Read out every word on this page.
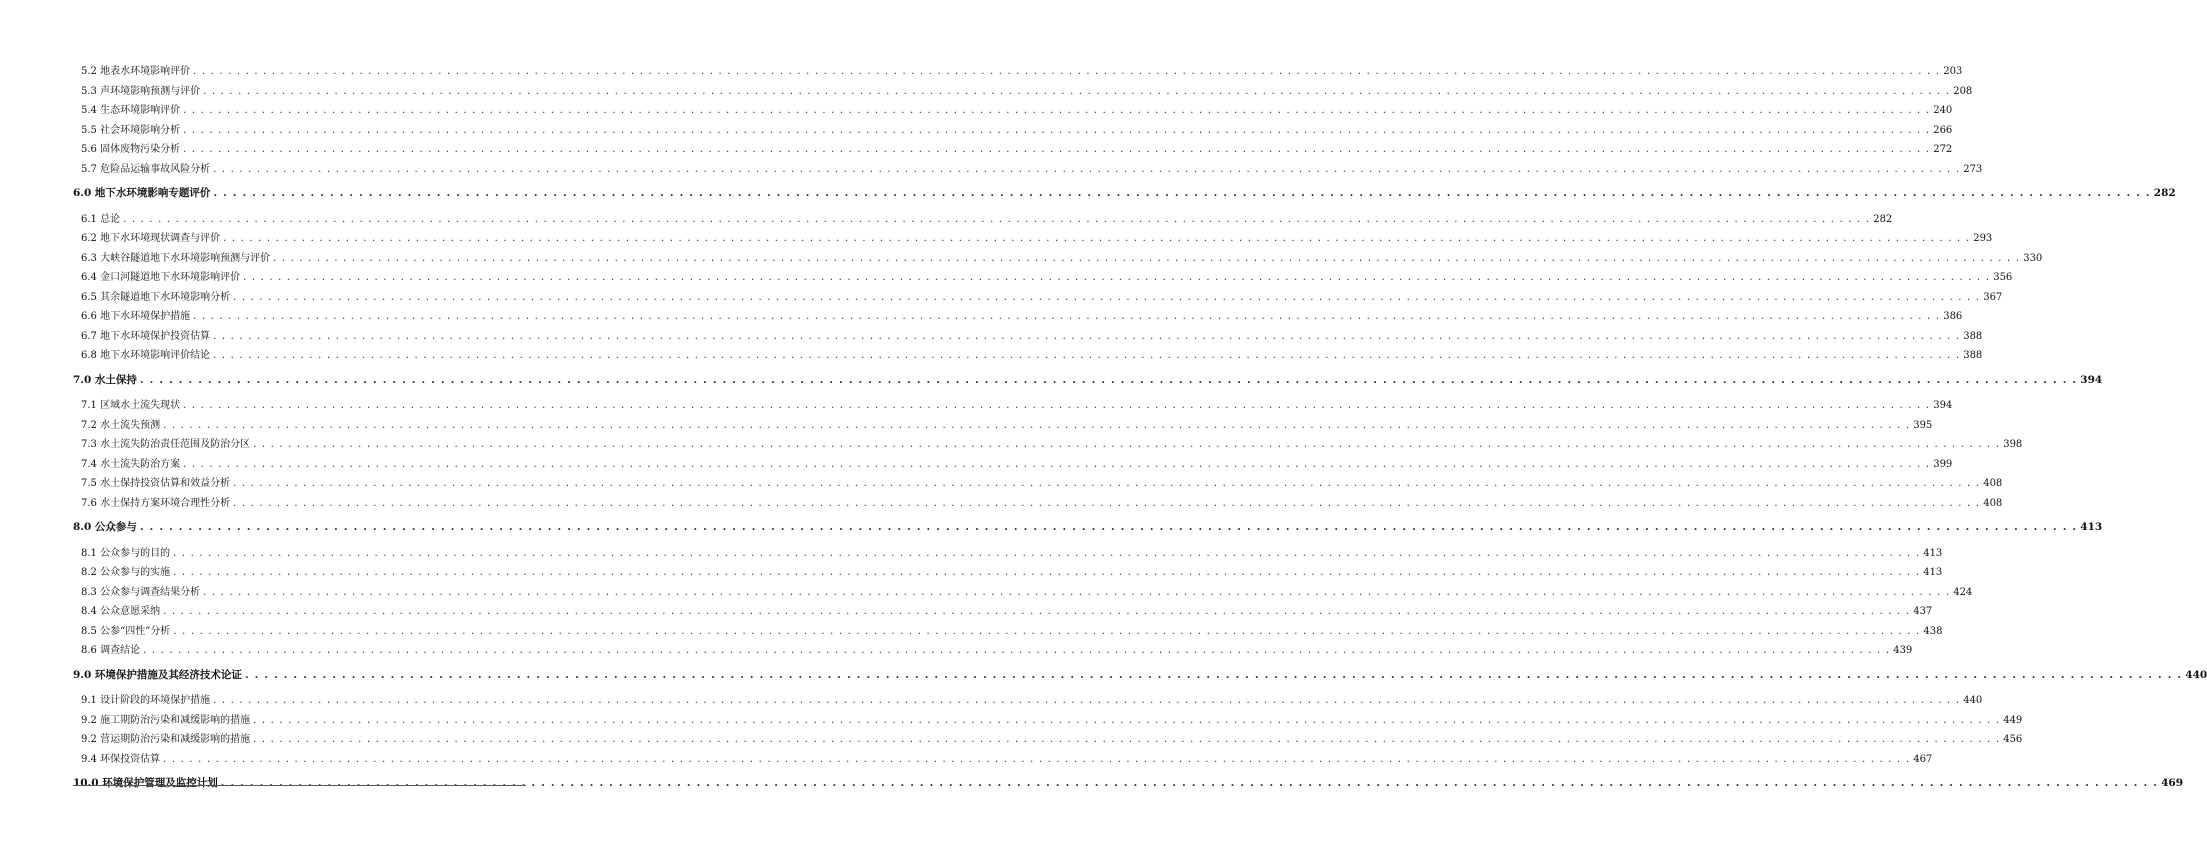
5.2 地表水环境影响评价 . . . . . . . . . . . . . . . . . . . . . . . . . . . . . . . . . . . . . . . . . . . . . . . . . . . . . . . . . . . . . . . . . . . . . . . . . . . . . . . . . . . . . . . . . . . . . . . . . . . . . . . . . . . . . . . . . . . . . . . . . . . . . . . . . . . . . . . . . . . . . . . . . . . . . . . . . . . . . . . . . . . . . . . . . . . . . . . . . . . . . . . . . . . . . . . . . . . . . . . . 203
5.3 声环境影响预测与评价 . . . . . . . . . . . . . . . . . . . . . . . . . . . . . . . . . . . . . . . . . . . . . . . . . . . . . . . . . . . . . . . . . . . . . . . . . . . . . . . . . . . . . . . . . . . . . . . . . . . . . . . . . . . . . . . . . . . . . . . . . . . . . . . . . . . . . . . . . . . . . . . . . . . . . . . . . . . . . . . . . . . . . . . . . . . . . . . . . . . . . . . . . . . . . . . . . . . . . . . . 208
5.4 生态环境影响评价 . . . . . . . . . . . . . . . . . . . . . . . . . . . . . . . . . . . . . . . . . . . . . . . . . . . . . . . . . . . . . . . . . . . . . . . . . . . . . . . . . . . . . . . . . . . . . . . . . . . . . . . . . . . . . . . . . . . . . . . . . . . . . . . . . . . . . . . . . . . . . . . . . . . . . . . . . . . . . . . . . . . . . . . . . . . . . . . . . . . . . . . . . . . . . . . . . . . . . . . . 240
5.5 社会环境影响分析 . . . . . . . . . . . . . . . . . . . . . . . . . . . . . . . . . . . . . . . . . . . . . . . . . . . . . . . . . . . . . . . . . . . . . . . . . . . . . . . . . . . . . . . . . . . . . . . . . . . . . . . . . . . . . . . . . . . . . . . . . . . . . . . . . . . . . . . . . . . . . . . . . . . . . . . . . . . . . . . . . . . . . . . . . . . . . . . . . . . . . . . . . . . . . . . . . . . . . . . . 266
5.6 固体废物污染分析 . . . . . . . . . . . . . . . . . . . . . . . . . . . . . . . . . . . . . . . . . . . . . . . . . . . . . . . . . . . . . . . . . . . . . . . . . . . . . . . . . . . . . . . . . . . . . . . . . . . . . . . . . . . . . . . . . . . . . . . . . . . . . . . . . . . . . . . . . . . . . . . . . . . . . . . . . . . . . . . . . . . . . . . . . . . . . . . . . . . . . . . . . . . . . . . . . . . . . . . . 272
5.7 危险品运输事故风险分析 . . . . . . . . . . . . . . . . . . . . . . . . . . . . . . . . . . . . . . . . . . . . . . . . . . . . . . . . . . . . . . . . . . . . . . . . . . . . . . . . . . . . . . . . . . . . . . . . . . . . . . . . . . . . . . . . . . . . . . . . . . . . . . . . . . . . . . . . . . . . . . . . . . . . . . . . . . . . . . . . . . . . . . . . . . . . . . . . . . . . . . . . . . . . . . . . . . . . . . . . 273
6.0 地下水环境影响专题评价 . . . . . . . . . . . . . . . . . . . . . . . . . . . . . . . . . . . . . . . . . . . . . . . . . . . . . . . . . . . . . . . . . . . . . . . . . . . . . . . . . . . . . . . . . . . . . . . . . . . . . . . . . . . . . . . . . . . . . . . . . . . . . . . . . . . . . . . . . . . . . . . . . . . . . . . . . . . . . . . . . . . . . . . . . . . . . . . . . . . . . . . . . . . . . . . . . . . . . . . . 282
6.1 总论 . . . . . . . . . . . . . . . . . . . . . . . . . . . . . . . . . . . . . . . . . . . . . . . . . . . . . . . . . . . . . . . . . . . . . . . . . . . . . . . . . . . . . . . . . . . . . . . . . . . . . . . . . . . . . . . . . . . . . . . . . . . . . . . . . . . . . . . . . . . . . . . . . . . . . . . . . . . . . . . . . . . . . . . . . . . . . . . . . . . . . . . . . . . . . . . . . . . . . . . . 282
6.2 地下水环境现状调查与评价 . . . . . . . . . . . . . . . . . . . . . . . . . . . . . . . . . . . . . . . . . . . . . . . . . . . . . . . . . . . . . . . . . . . . . . . . . . . . . . . . . . . . . . . . . . . . . . . . . . . . . . . . . . . . . . . . . . . . . . . . . . . . . . . . . . . . . . . . . . . . . . . . . . . . . . . . . . . . . . . . . . . . . . . . . . . . . . . . . . . . . . . . . . . . . . . . . . . . . . . . 293
6.3 大峡谷隧道地下水环境影响预测与评价 . . . . . . . . . . . . . . . . . . . . . . . . . . . . . . . . . . . . . . . . . . . . . . . . . . . . . . . . . . . . . . . . . . . . . . . . . . . . . . . . . . . . . . . . . . . . . . . . . . . . . . . . . . . . . . . . . . . . . . . . . . . . . . . . . . . . . . . . . . . . . . . . . . . . . . . . . . . . . . . . . . . . . . . . . . . . . . . . . . . . . . . . . . . . . . . . . . . . . . . . 330
6.4 金口河隧道地下水环境影响评价 . . . . . . . . . . . . . . . . . . . . . . . . . . . . . . . . . . . . . . . . . . . . . . . . . . . . . . . . . . . . . . . . . . . . . . . . . . . . . . . . . . . . . . . . . . . . . . . . . . . . . . . . . . . . . . . . . . . . . . . . . . . . . . . . . . . . . . . . . . . . . . . . . . . . . . . . . . . . . . . . . . . . . . . . . . . . . . . . . . . . . . . . . . . . . . . . . . . . . . . . 356
6.5 其余隧道地下水环境影响分析 . . . . . . . . . . . . . . . . . . . . . . . . . . . . . . . . . . . . . . . . . . . . . . . . . . . . . . . . . . . . . . . . . . . . . . . . . . . . . . . . . . . . . . . . . . . . . . . . . . . . . . . . . . . . . . . . . . . . . . . . . . . . . . . . . . . . . . . . . . . . . . . . . . . . . . . . . . . . . . . . . . . . . . . . . . . . . . . . . . . . . . . . . . . . . . . . . . . . . . . . 367
6.6 地下水环境保护措施 . . . . . . . . . . . . . . . . . . . . . . . . . . . . . . . . . . . . . . . . . . . . . . . . . . . . . . . . . . . . . . . . . . . . . . . . . . . . . . . . . . . . . . . . . . . . . . . . . . . . . . . . . . . . . . . . . . . . . . . . . . . . . . . . . . . . . . . . . . . . . . . . . . . . . . . . . . . . . . . . . . . . . . . . . . . . . . . . . . . . . . . . . . . . . . . . . . . . . . . . 386
6.7 地下水环境保护投资估算 . . . . . . . . . . . . . . . . . . . . . . . . . . . . . . . . . . . . . . . . . . . . . . . . . . . . . . . . . . . . . . . . . . . . . . . . . . . . . . . . . . . . . . . . . . . . . . . . . . . . . . . . . . . . . . . . . . . . . . . . . . . . . . . . . . . . . . . . . . . . . . . . . . . . . . . . . . . . . . . . . . . . . . . . . . . . . . . . . . . . . . . . . . . . . . . . . . . . . . . . 388
6.8 地下水环境影响评价结论 . . . . . . . . . . . . . . . . . . . . . . . . . . . . . . . . . . . . . . . . . . . . . . . . . . . . . . . . . . . . . . . . . . . . . . . . . . . . . . . . . . . . . . . . . . . . . . . . . . . . . . . . . . . . . . . . . . . . . . . . . . . . . . . . . . . . . . . . . . . . . . . . . . . . . . . . . . . . . . . . . . . . . . . . . . . . . . . . . . . . . . . . . . . . . . . . . . . . . . . . 388
7.0 水土保持 . . . . . . . . . . . . . . . . . . . . . . . . . . . . . . . . . . . . . . . . . . . . . . . . . . . . . . . . . . . . . . . . . . . . . . . . . . . . . . . . . . . . . . . . . . . . . . . . . . . . . . . . . . . . . . . . . . . . . . . . . . . . . . . . . . . . . . . . . . . . . . . . . . . . . . . . . . . . . . . . . . . . . . . . . . . . . . . . . . . . . . . . . . . . . . . . . . . . . . . . 394
7.1 区域水土流失现状 . . . . . . . . . . . . . . . . . . . . . . . . . . . . . . . . . . . . . . . . . . . . . . . . . . . . . . . . . . . . . . . . . . . . . . . . . . . . . . . . . . . . . . . . . . . . . . . . . . . . . . . . . . . . . . . . . . . . . . . . . . . . . . . . . . . . . . . . . . . . . . . . . . . . . . . . . . . . . . . . . . . . . . . . . . . . . . . . . . . . . . . . . . . . . . . . . . . . . . . . 394
7.2 水土流失预测 . . . . . . . . . . . . . . . . . . . . . . . . . . . . . . . . . . . . . . . . . . . . . . . . . . . . . . . . . . . . . . . . . . . . . . . . . . . . . . . . . . . . . . . . . . . . . . . . . . . . . . . . . . . . . . . . . . . . . . . . . . . . . . . . . . . . . . . . . . . . . . . . . . . . . . . . . . . . . . . . . . . . . . . . . . . . . . . . . . . . . . . . . . . . . . . . . . . . . . . . 395
7.3 水土流失防治责任范围及防治分区 . . . . . . . . . . . . . . . . . . . . . . . . . . . . . . . . . . . . . . . . . . . . . . . . . . . . . . . . . . . . . . . . . . . . . . . . . . . . . . . . . . . . . . . . . . . . . . . . . . . . . . . . . . . . . . . . . . . . . . . . . . . . . . . . . . . . . . . . . . . . . . . . . . . . . . . . . . . . . . . . . . . . . . . . . . . . . . . . . . . . . . . . . . . . . . . . . . . . . . . . 398
7.4 水土流失防治方案 . . . . . . . . . . . . . . . . . . . . . . . . . . . . . . . . . . . . . . . . . . . . . . . . . . . . . . . . . . . . . . . . . . . . . . . . . . . . . . . . . . . . . . . . . . . . . . . . . . . . . . . . . . . . . . . . . . . . . . . . . . . . . . . . . . . . . . . . . . . . . . . . . . . . . . . . . . . . . . . . . . . . . . . . . . . . . . . . . . . . . . . . . . . . . . . . . . . . . . . . 399
7.5 水土保持投资估算和效益分析 . . . . . . . . . . . . . . . . . . . . . . . . . . . . . . . . . . . . . . . . . . . . . . . . . . . . . . . . . . . . . . . . . . . . . . . . . . . . . . . . . . . . . . . . . . . . . . . . . . . . . . . . . . . . . . . . . . . . . . . . . . . . . . . . . . . . . . . . . . . . . . . . . . . . . . . . . . . . . . . . . . . . . . . . . . . . . . . . . . . . . . . . . . . . . . . . . . . . . . . . 408
7.6 水土保持方案环境合理性分析 . . . . . . . . . . . . . . . . . . . . . . . . . . . . . . . . . . . . . . . . . . . . . . . . . . . . . . . . . . . . . . . . . . . . . . . . . . . . . . . . . . . . . . . . . . . . . . . . . . . . . . . . . . . . . . . . . . . . . . . . . . . . . . . . . . . . . . . . . . . . . . . . . . . . . . . . . . . . . . . . . . . . . . . . . . . . . . . . . . . . . . . . . . . . . . . . . . . . . . . . 408
8.0 公众参与 . . . . . . . . . . . . . . . . . . . . . . . . . . . . . . . . . . . . . . . . . . . . . . . . . . . . . . . . . . . . . . . . . . . . . . . . . . . . . . . . . . . . . . . . . . . . . . . . . . . . . . . . . . . . . . . . . . . . . . . . . . . . . . . . . . . . . . . . . . . . . . . . . . . . . . . . . . . . . . . . . . . . . . . . . . . . . . . . . . . . . . . . . . . . . . . . . . . . . . . . 413
8.1 公众参与的目的 . . . . . . . . . . . . . . . . . . . . . . . . . . . . . . . . . . . . . . . . . . . . . . . . . . . . . . . . . . . . . . . . . . . . . . . . . . . . . . . . . . . . . . . . . . . . . . . . . . . . . . . . . . . . . . . . . . . . . . . . . . . . . . . . . . . . . . . . . . . . . . . . . . . . . . . . . . . . . . . . . . . . . . . . . . . . . . . . . . . . . . . . . . . . . . . . . . . . . . . . 413
8.2 公众参与的实施 . . . . . . . . . . . . . . . . . . . . . . . . . . . . . . . . . . . . . . . . . . . . . . . . . . . . . . . . . . . . . . . . . . . . . . . . . . . . . . . . . . . . . . . . . . . . . . . . . . . . . . . . . . . . . . . . . . . . . . . . . . . . . . . . . . . . . . . . . . . . . . . . . . . . . . . . . . . . . . . . . . . . . . . . . . . . . . . . . . . . . . . . . . . . . . . . . . . . . . . . 413
8.3 公众参与调查结果分析 . . . . . . . . . . . . . . . . . . . . . . . . . . . . . . . . . . . . . . . . . . . . . . . . . . . . . . . . . . . . . . . . . . . . . . . . . . . . . . . . . . . . . . . . . . . . . . . . . . . . . . . . . . . . . . . . . . . . . . . . . . . . . . . . . . . . . . . . . . . . . . . . . . . . . . . . . . . . . . . . . . . . . . . . . . . . . . . . . . . . . . . . . . . . . . . . . . . . . . . . 424
8.4 公众意愿采纳 . . . . . . . . . . . . . . . . . . . . . . . . . . . . . . . . . . . . . . . . . . . . . . . . . . . . . . . . . . . . . . . . . . . . . . . . . . . . . . . . . . . . . . . . . . . . . . . . . . . . . . . . . . . . . . . . . . . . . . . . . . . . . . . . . . . . . . . . . . . . . . . . . . . . . . . . . . . . . . . . . . . . . . . . . . . . . . . . . . . . . . . . . . . . . . . . . . . . . . . . 437
8.5 公参“四性”分析 . . . . . . . . . . . . . . . . . . . . . . . . . . . . . . . . . . . . . . . . . . . . . . . . . . . . . . . . . . . . . . . . . . . . . . . . . . . . . . . . . . . . . . . . . . . . . . . . . . . . . . . . . . . . . . . . . . . . . . . . . . . . . . . . . . . . . . . . . . . . . . . . . . . . . . . . . . . . . . . . . . . . . . . . . . . . . . . . . . . . . . . . . . . . . . . . . . . . . . . . 438
8.6 调查结论 . . . . . . . . . . . . . . . . . . . . . . . . . . . . . . . . . . . . . . . . . . . . . . . . . . . . . . . . . . . . . . . . . . . . . . . . . . . . . . . . . . . . . . . . . . . . . . . . . . . . . . . . . . . . . . . . . . . . . . . . . . . . . . . . . . . . . . . . . . . . . . . . . . . . . . . . . . . . . . . . . . . . . . . . . . . . . . . . . . . . . . . . . . . . . . . . . . . . . . . . 439
9.0 环境保护措施及其经济技术论证 . . . . . . . . . . . . . . . . . . . . . . . . . . . . . . . . . . . . . . . . . . . . . . . . . . . . . . . . . . . . . . . . . . . . . . . . . . . . . . . . . . . . . . . . . . . . . . . . . . . . . . . . . . . . . . . . . . . . . . . . . . . . . . . . . . . . . . . . . . . . . . . . . . . . . . . . . . . . . . . . . . . . . . . . . . . . . . . . . . . . . . . . . . . . . . . . . . . . . . . . 440
9.1 设计阶段的环境保护措施 . . . . . . . . . . . . . . . . . . . . . . . . . . . . . . . . . . . . . . . . . . . . . . . . . . . . . . . . . . . . . . . . . . . . . . . . . . . . . . . . . . . . . . . . . . . . . . . . . . . . . . . . . . . . . . . . . . . . . . . . . . . . . . . . . . . . . . . . . . . . . . . . . . . . . . . . . . . . . . . . . . . . . . . . . . . . . . . . . . . . . . . . . . . . . . . . . . . . . . . . 440
9.2 施工期防治污染和减缓影响的措施 . . . . . . . . . . . . . . . . . . . . . . . . . . . . . . . . . . . . . . . . . . . . . . . . . . . . . . . . . . . . . . . . . . . . . . . . . . . . . . . . . . . . . . . . . . . . . . . . . . . . . . . . . . . . . . . . . . . . . . . . . . . . . . . . . . . . . . . . . . . . . . . . . . . . . . . . . . . . . . . . . . . . . . . . . . . . . . . . . . . . . . . . . . . . . . . . . . . . . . . . 449
9.2 营运期防治污染和减缓影响的措施 . . . . . . . . . . . . . . . . . . . . . . . . . . . . . . . . . . . . . . . . . . . . . . . . . . . . . . . . . . . . . . . . . . . . . . . . . . . . . . . . . . . . . . . . . . . . . . . . . . . . . . . . . . . . . . . . . . . . . . . . . . . . . . . . . . . . . . . . . . . . . . . . . . . . . . . . . . . . . . . . . . . . . . . . . . . . . . . . . . . . . . . . . . . . . . . . . . . . . . . . 456
9.4 环保投资估算 . . . . . . . . . . . . . . . . . . . . . . . . . . . . . . . . . . . . . . . . . . . . . . . . . . . . . . . . . . . . . . . . . . . . . . . . . . . . . . . . . . . . . . . . . . . . . . . . . . . . . . . . . . . . . . . . . . . . . . . . . . . . . . . . . . . . . . . . . . . . . . . . . . . . . . . . . . . . . . . . . . . . . . . . . . . . . . . . . . . . . . . . . . . . . . . . . . . . . . . . 467
10.0 环境保护管理及监控计划 . . . . . . . . . . . . . . . . . . . . . . . . . . . . . . . . . . . . . . . . . . . . . . . . . . . . . . . . . . . . . . . . . . . . . . . . . . . . . . . . . . . . . . . . . . . . . . . . . . . . . . . . . . . . . . . . . . . . . . . . . . . . . . . . . . . . . . . . . . . . . . . . . . . . . . . . . . . . . . . . . . . . . . . . . . . . . . . . . . . . . . . . . . . . . . . . . . . . . . . . 469
